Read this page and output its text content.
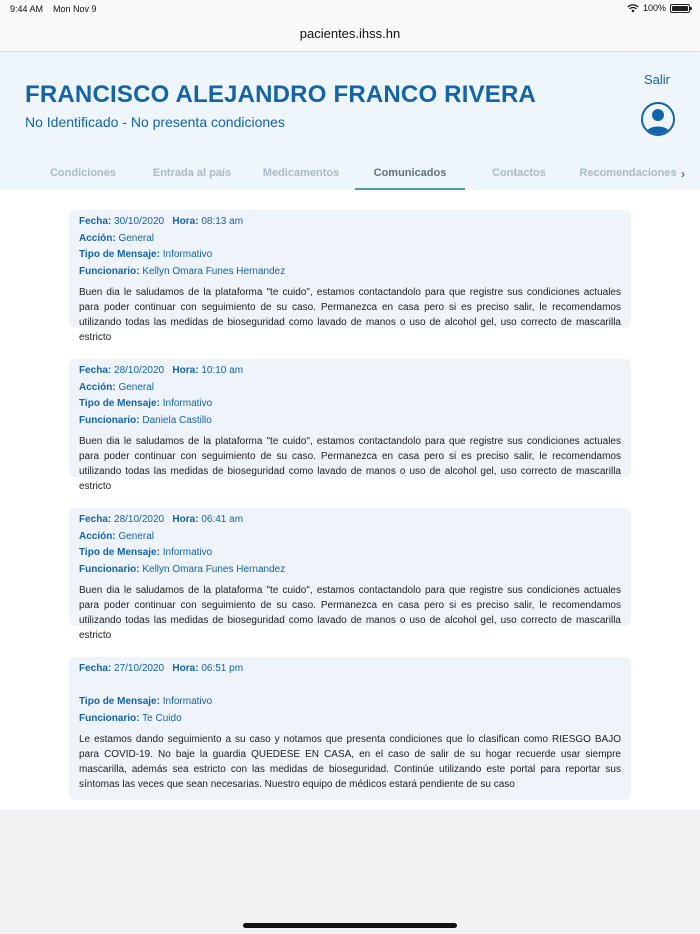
9:44 AM Mon Nov 9	100%
pacientes.ihss.hn
FRANCISCO ALEJANDRO FRANCO RIVERA
No Identificado - No presenta condiciones
Salir
Condiciones	Entrada al país	Medicamentos	Comunicados	Contactos	Recomendaciones ›
Fecha: 30/10/2020 Hora: 08:13 am
Acción: General
Tipo de Mensaje: Informativo
Funcionario: Kellyn Omara Funes Hernandez
Buen dia le saludamos de la plataforma "te cuido", estamos contactandolo para que registre sus condiciones actuales para poder continuar con seguimiento de su caso. Permanezca en casa pero si es preciso salir, le recomendamos utilizando todas las medidas de bioseguridad como lavado de manos o uso de alcohol gel, uso correcto de mascarilla estricto
Fecha: 28/10/2020 Hora: 10:10 am
Acción: General
Tipo de Mensaje: Informativo
Funcionario: Daniela Castillo
Buen dia le saludamos de la plataforma "te cuido", estamos contactandolo para que registre sus condiciones actuales para poder continuar con seguimiento de su caso. Permanezca en casa pero si es preciso salir, le recomendamos utilizando todas las medidas de bioseguridad como lavado de manos o uso de alcohol gel, uso correcto de mascarilla estricto
Fecha: 28/10/2020 Hora: 06:41 am
Acción: General
Tipo de Mensaje: Informativo
Funcionario: Kellyn Omara Funes Hernandez
Buen dia le saludamos de la plataforma "te cuido", estamos contactandolo para que registre sus condiciones actuales para poder continuar con seguimiento de su caso. Permanezca en casa pero si es preciso salir, le recomendamos utilizando todas las medidas de bioseguridad como lavado de manos o uso de alcohol gel, uso correcto de mascarilla estricto
Fecha: 27/10/2020 Hora: 06:51 pm
Tipo de Mensaje: Informativo
Funcionario: Te Cuido
Le estamos dando seguimiento a su caso y notamos que presenta condiciones que lo clasifican como RIESGO BAJO para COVID-19. No baje la guardia QUEDESE EN CASA, en el caso de salir de su hogar recuerde usar siempre mascarilla, además sea estricto con las medidas de bioseguridad. Continúe utilizando este portal para reportar sus síntomas las veces que sean necesarias. Nuestro equipo de médicos estará pendiente de su caso
